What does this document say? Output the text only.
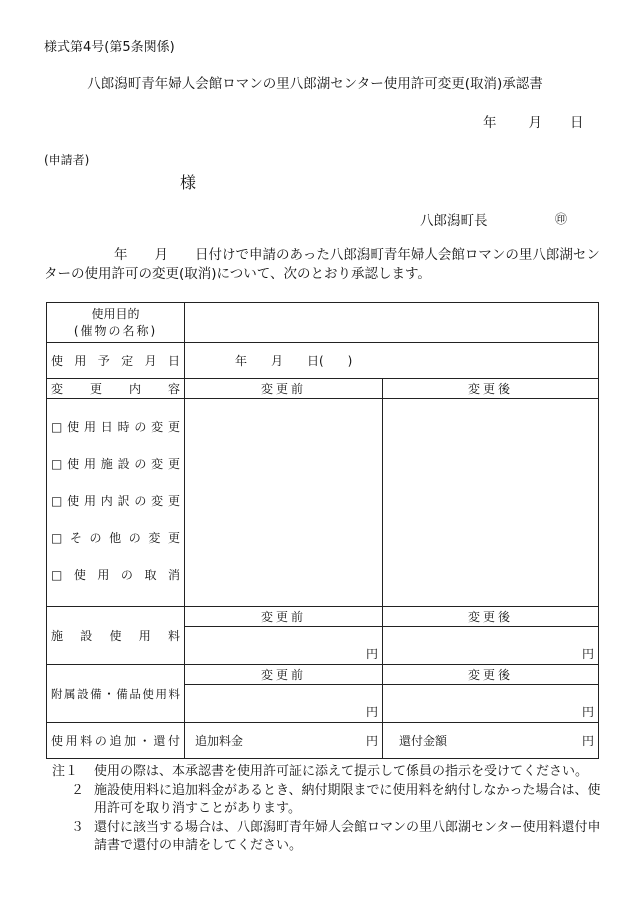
様式第4号(第5条関係)
八郎潟町青年婦人会館ロマンの里八郎湖センター使用許可変更(取消)承認書
年 月 日
(申請者)
様
八郎潟町長	㊞
年　　月　　日付けで申請のあった八郎潟町青年婦人会館ロマンの里八郎湖センターの使用許可の変更(取消)について、次のとおり承認します。
使用目的
(催物の名称)		

使用予定月日	年　　月　　日(　　)	
変更内容	変更前	変更後

□使用日時の変更
□使用施設の変更
□使用内訳の変更
□その他の変更
□使用の取消		

施設使用料	変更前	変更後
	円	円
附属設備・備品使用料	変更前	変更後
	円	円
使用料の追加・還付	追加料金 円	還付金額 円
注１	使用の際は、本承認書を使用許可証に添えて提示して係員の指示を受けてください。
２ 施設使用料に追加料金があるとき、納付期限までに使用料を納付しなかった場合は、使用許可を取り消すことがあります。
３ 還付に該当する場合は、八郎潟町青年婦人会館ロマンの里八郎湖センター使用料還付申請書で還付の申請をしてください。
